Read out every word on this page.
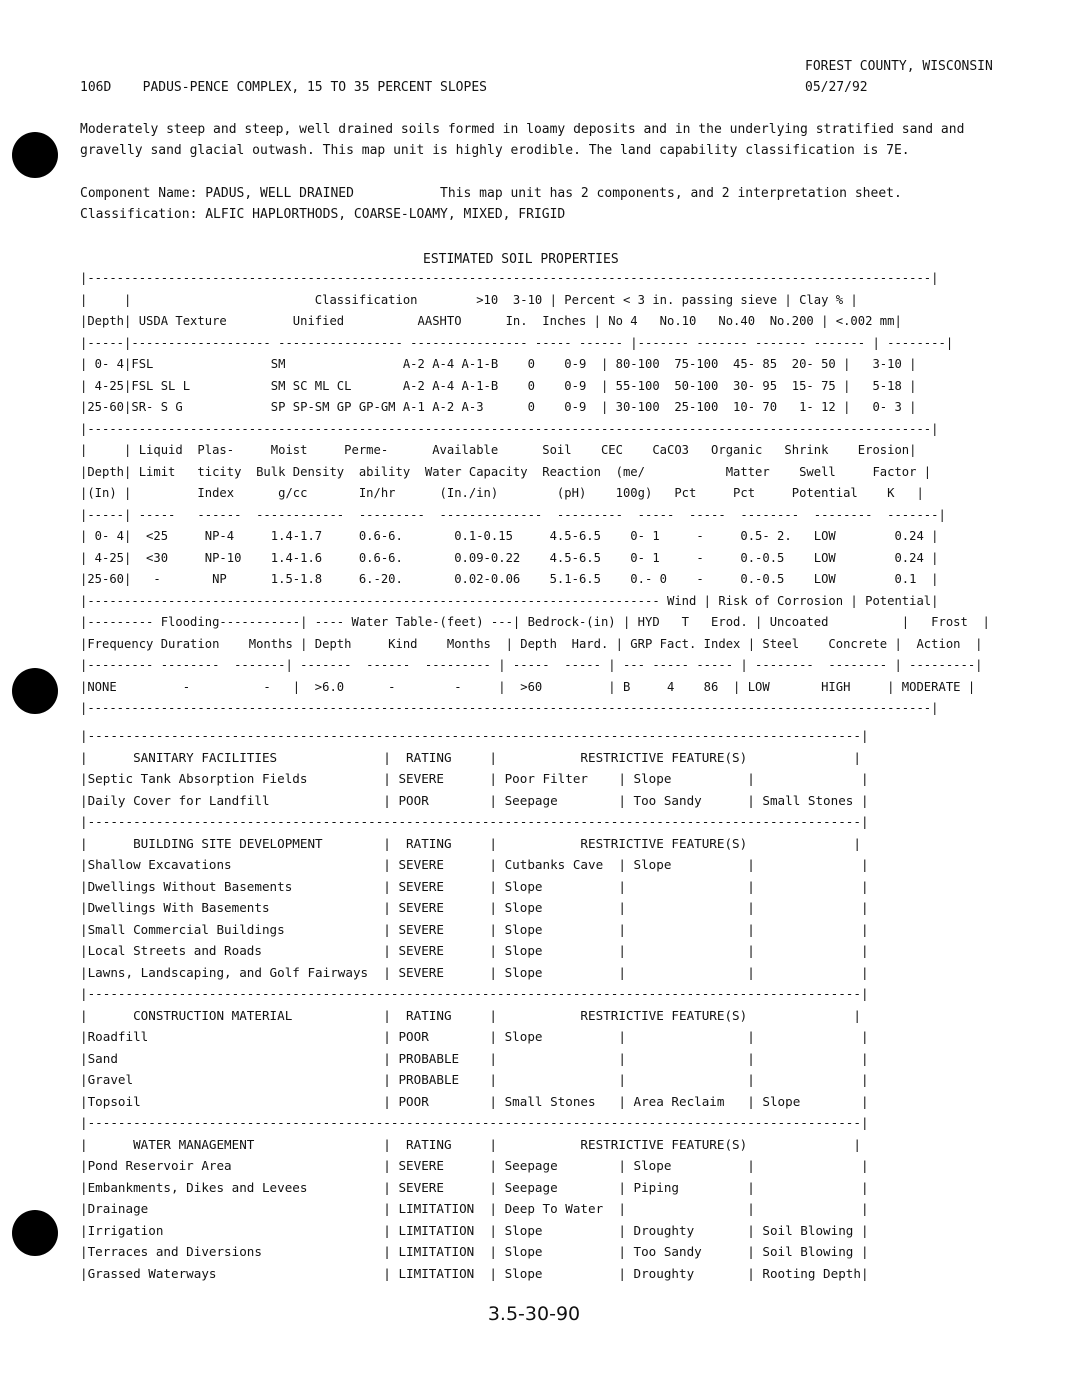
FOREST COUNTY, WISCONSIN
05/27/92
106D    PADUS-PENCE COMPLEX, 15 TO 35 PERCENT SLOPES
Moderately steep and steep, well drained soils formed in loamy deposits and in the underlying stratified sand and gravelly sand glacial outwash. This map unit is highly erodible. The land capability classification is 7E.
Component Name: PADUS, WELL DRAINED           This map unit has 2 components, and 2 interpretation sheet.
Classification: ALFIC HAPLORTHODS, COARSE-LOAMY, MIXED, FRIGID
ESTIMATED SOIL PROPERTIES
|-------------------------------------------------------------------------------------------------------------------|
|     |                         Classification        >10  3-10 | Percent < 3 in. passing sieve | Clay % |
|Depth| USDA Texture         Unified          AASHTO      In.  Inches | No 4   No.10   No.40  No.200 | <.002 mm|
|-----|------------------- ----------------- ---------------- ----- ------ |------- ------- ------- ------- | --------|
| 0- 4|FSL                SM                A-2 A-4 A-1-B    0    0-9  | 80-100  75-100  45- 85  20- 50 |   3-10 |
| 4-25|FSL SL L           SM SC ML CL       A-2 A-4 A-1-B    0    0-9  | 55-100  50-100  30- 95  15- 75 |   5-18 |
|25-60|SR- S G            SP SP-SM GP GP-GM A-1 A-2 A-3      0    0-9  | 30-100  25-100  10- 70   1- 12 |   0- 3 |
|-------------------------------------------------------------------------------------------------------------------|
|     | Liquid  Plas-     Moist     Perme-      Available      Soil    CEC    CaCO3   Organic   Shrink    Erosion|
|Depth| Limit   ticity  Bulk Density  ability  Water Capacity  Reaction  (me/           Matter    Swell     Factor |
|(In) |         Index      g/cc       In/hr      (In./in)        (pH)    100g)   Pct     Pct     Potential    K   |
|-----| -----   ------  ------------  ---------  --------------  ---------  -----  -----  --------  --------  -------|
| 0- 4|  <25     NP-4     1.4-1.7     0.6-6.       0.1-0.15     4.5-6.5    0- 1     -     0.5- 2.   LOW        0.24 |
| 4-25|  <30     NP-10    1.4-1.6     0.6-6.       0.09-0.22    4.5-6.5    0- 1     -     0.-0.5    LOW        0.24 |
|25-60|   -       NP      1.5-1.8     6.-20.       0.02-0.06    5.1-6.5    0.- 0    -     0.-0.5    LOW        0.1  |
|------------------------------------------------------------------------------ Wind | Risk of Corrosion | Potential|
|--------- Flooding-----------| ---- Water Table-(feet) ---| Bedrock-(in) | HYD   T   Erod. | Uncoated          |   Frost  |
|Frequency Duration    Months | Depth     Kind    Months  | Depth  Hard. | GRP Fact. Index | Steel    Concrete |  Action  |
|--------- --------  -------| -------  ------  --------- | -----  ----- | --- ----- ----- | --------  -------- | ---------|
|NONE         -          -   |  >6.0      -        -     |  >60         | B     4    86  | LOW       HIGH     | MODERATE |
|-------------------------------------------------------------------------------------------------------------------|
|------------------------------------------------------------------------------------------------------|
|      SANITARY FACILITIES              |  RATING     |           RESTRICTIVE FEATURE(S)              |
|Septic Tank Absorption Fields          | SEVERE      | Poor Filter    | Slope          |              |
|Daily Cover for Landfill               | POOR        | Seepage        | Too Sandy      | Small Stones |
|------------------------------------------------------------------------------------------------------|
|      BUILDING SITE DEVELOPMENT        |  RATING     |           RESTRICTIVE FEATURE(S)              |
|Shallow Excavations                    | SEVERE      | Cutbanks Cave  | Slope          |              |
|Dwellings Without Basements            | SEVERE      | Slope          |                |              |
|Dwellings With Basements               | SEVERE      | Slope          |                |              |
|Small Commercial Buildings             | SEVERE      | Slope          |                |              |
|Local Streets and Roads                | SEVERE      | Slope          |                |              |
|Lawns, Landscaping, and Golf Fairways  | SEVERE      | Slope          |                |              |
|------------------------------------------------------------------------------------------------------|
|      CONSTRUCTION MATERIAL            |  RATING     |           RESTRICTIVE FEATURE(S)              |
|Roadfill                               | POOR        | Slope          |                |              |
|Sand                                   | PROBABLE    |                |                |              |
|Gravel                                 | PROBABLE    |                |                |              |
|Topsoil                                | POOR        | Small Stones   | Area Reclaim   | Slope        |
|------------------------------------------------------------------------------------------------------|
|      WATER MANAGEMENT                 |  RATING     |           RESTRICTIVE FEATURE(S)              |
|Pond Reservoir Area                    | SEVERE      | Seepage        | Slope          |              |
|Embankments, Dikes and Levees          | SEVERE      | Seepage        | Piping         |              |
|Drainage                               | LIMITATION  | Deep To Water  |                |              |
|Irrigation                             | LIMITATION  | Slope          | Droughty       | Soil Blowing |
|Terraces and Diversions                | LIMITATION  | Slope          | Too Sandy      | Soil Blowing |
|Grassed Waterways                      | LIMITATION  | Slope          | Droughty       | Rooting Depth|
3.5-30-90
